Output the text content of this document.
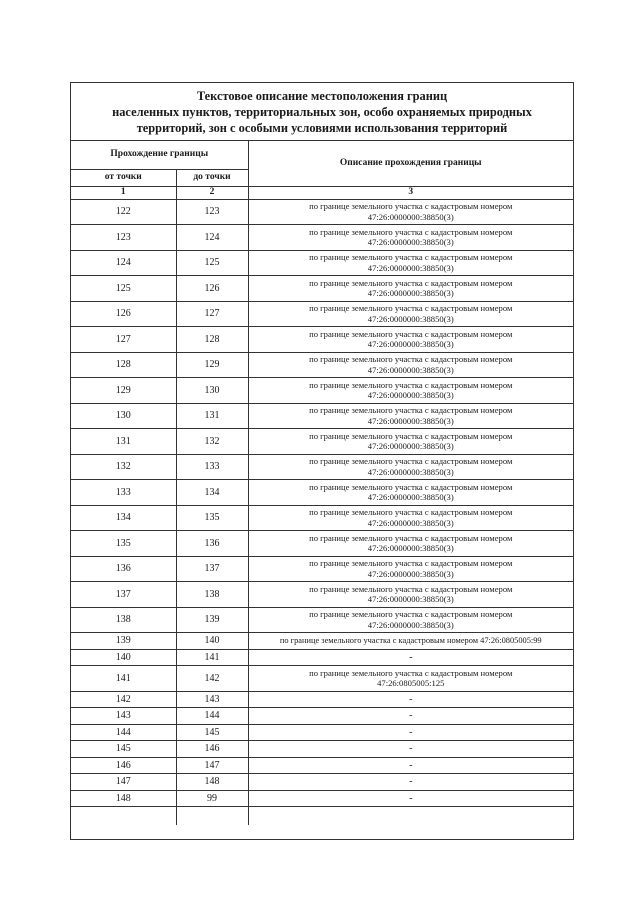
Текстовое описание местоположения границ
населенных пунктов, территориальных зон, особо охраняемых природных
территорий, зон с особыми условиями использования территорий
Прохождение границы		Описание прохождения границы
от точки	до точки	
1	2	3
122	123	по границе земельного участка с кадастровым номером
47:26:0000000:38850(3)

123	124	по границе земельного участка с кадастровым номером
47:26:0000000:38850(3)

124	125	по границе земельного участка с кадастровым номером
47:26:0000000:38850(3)

125	126	по границе земельного участка с кадастровым номером
47:26:0000000:38850(3)

126	127	по границе земельного участка с кадастровым номером
47:26:0000000:38850(3)

127	128	по границе земельного участка с кадастровым номером
47:26:0000000:38850(3)

128	129	по границе земельного участка с кадастровым номером
47:26:0000000:38850(3)

129	130	по границе земельного участка с кадастровым номером
47:26:0000000:38850(3)

130	131	по границе земельного участка с кадастровым номером
47:26:0000000:38850(3)

131	132	по границе земельного участка с кадастровым номером
47:26:0000000:38850(3)

132	133	по границе земельного участка с кадастровым номером
47:26:0000000:38850(3)

133	134	по границе земельного участка с кадастровым номером
47:26:0000000:38850(3)

134	135	по границе земельного участка с кадастровым номером
47:26:0000000:38850(3)

135	136	по границе земельного участка с кадастровым номером
47:26:0000000:38850(3)

136	137	по границе земельного участка с кадастровым номером
47:26:0000000:38850(3)

137	138	по границе земельного участка с кадастровым номером
47:26:0000000:38850(3)

138	139	по границе земельного участка с кадастровым номером
47:26:0000000:38850(3)

139	140	по границе земельного участка с кадастровым номером 47:26:0805005:99

140	141	-

141	142	по границе земельного участка с кадастровым номером
47:26:0805005:125

142	143	-

143	144	-

144	145	-

145	146	-

146	147	-

147	148	-

148	99	-
